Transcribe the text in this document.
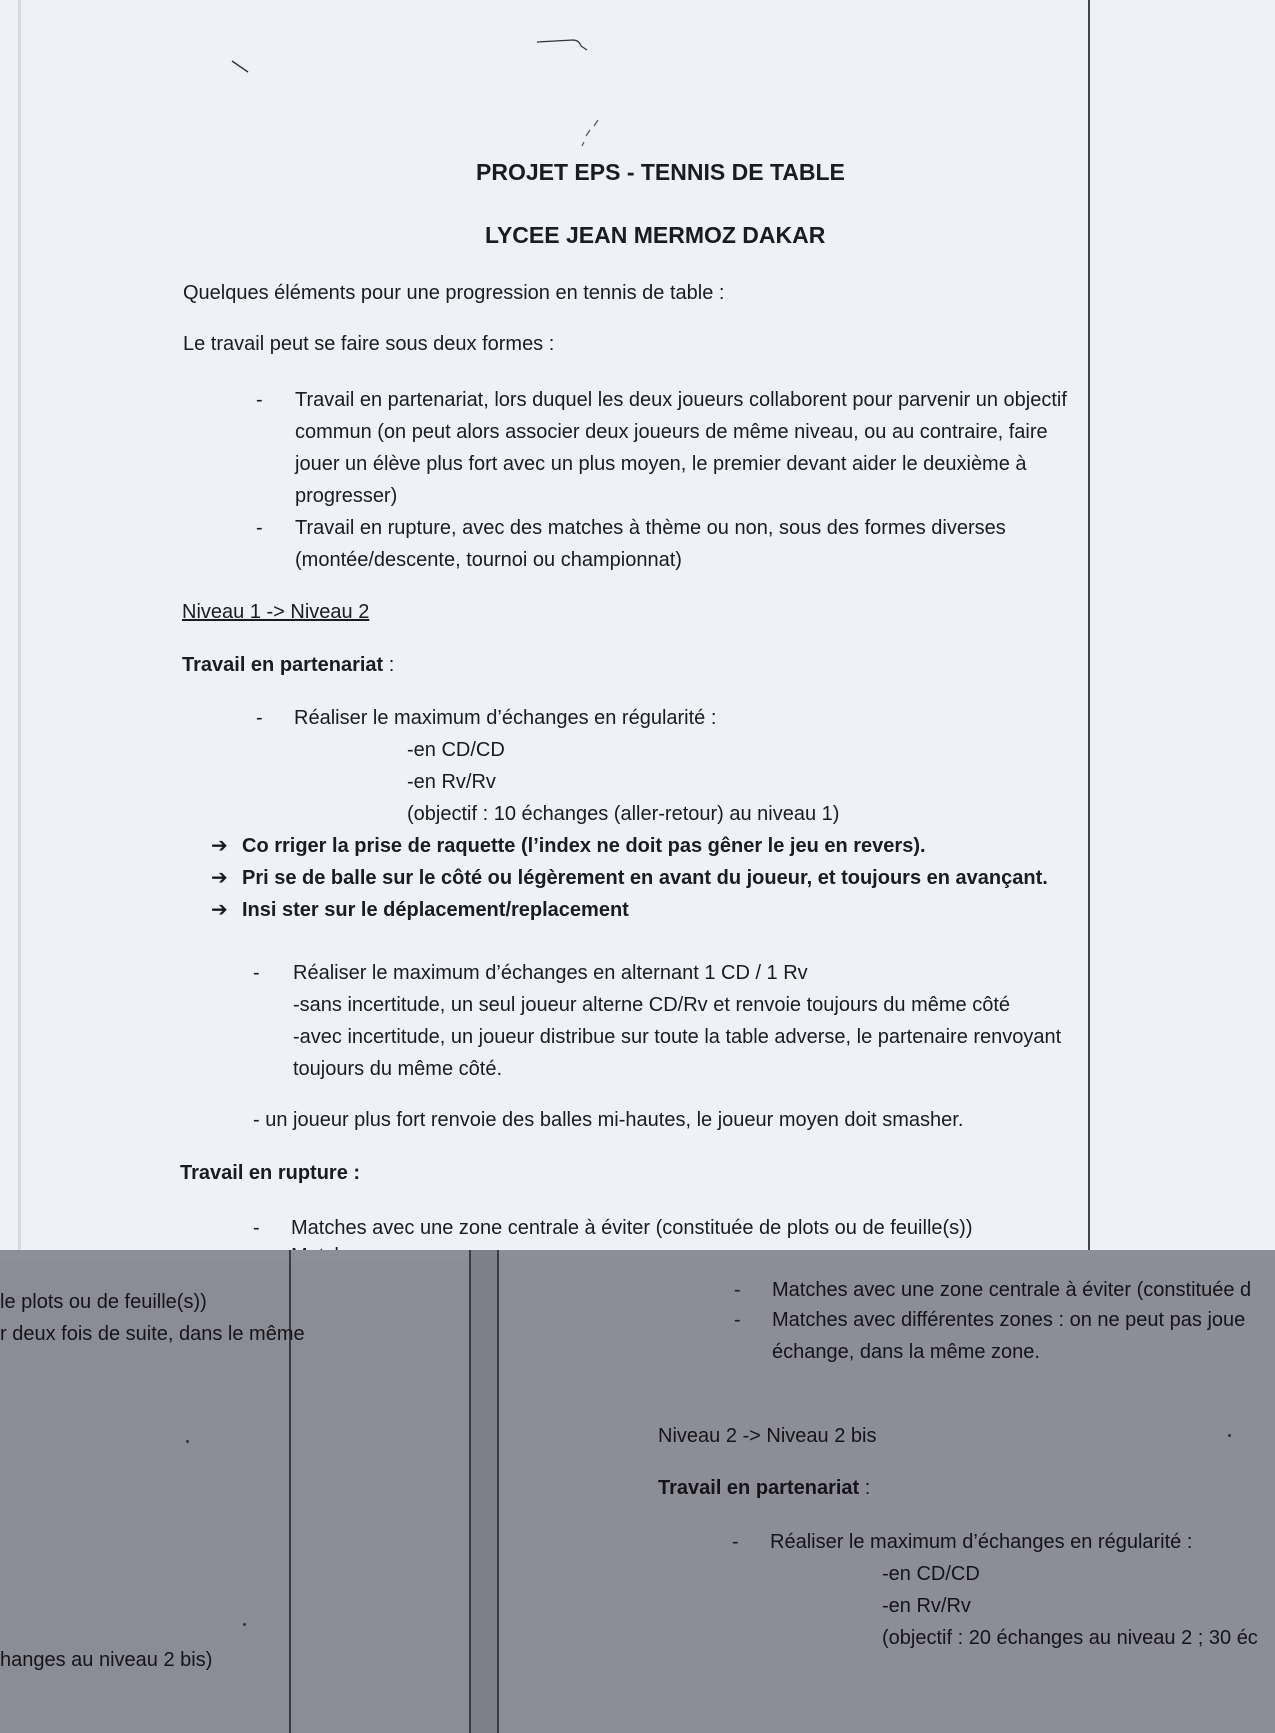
PROJET EPS - TENNIS DE TABLE
LYCEE JEAN MERMOZ DAKAR
Quelques éléments pour une progression en tennis de table :
Le travail peut se faire sous deux formes :
- Travail en partenariat, lors duquel les deux joueurs collaborent pour parvenir un objectif
commun (on peut alors associer deux joueurs de même niveau, ou au contraire, faire
jouer un élève plus fort avec un plus moyen, le premier devant aider le deuxième à
progresser)
- Travail en rupture, avec des matches à thème ou non, sous des formes diverses
(montée/descente, tournoi ou championnat)
Niveau 1 -> Niveau 2
Travail en partenariat :
- Réaliser le maximum d’échanges en régularité :
-en CD/CD
-en Rv/Rv
(objectif : 10 échanges (aller-retour) au niveau 1)
➔ Co rriger la prise de raquette (l’index ne doit pas gêner le jeu en revers).
➔ Pri se de balle sur le côté ou légèrement en avant du joueur, et toujours en avançant.
➔ Insi ster sur le déplacement/replacement
- Réaliser le maximum d’échanges en alternant 1 CD / 1 Rv
-sans incertitude, un seul joueur alterne CD/Rv et renvoie toujours du même côté
-avec incertitude, un joueur distribue sur toute la table adverse, le partenaire renvoyant
toujours du même côté.
- un joueur plus fort renvoie des balles mi-hautes, le joueur moyen doit smasher.
Travail en rupture :
- Matches avec une zone centrale à éviter (constituée de plots ou de feuille(s))
le plots ou de feuille(s))
r deux fois de suite, dans le même
hanges au niveau 2 bis)
- Matches avec une zone centrale à éviter (constituée d
- Matches avec différentes zones : on ne peut pas joue
échange, dans la même zone.
Niveau 2 -> Niveau 2 bis
Travail en partenariat :
- Réaliser le maximum d’échanges en régularité :
-en CD/CD
-en Rv/Rv
(objectif : 20 échanges au niveau 2 ; 30 éc
